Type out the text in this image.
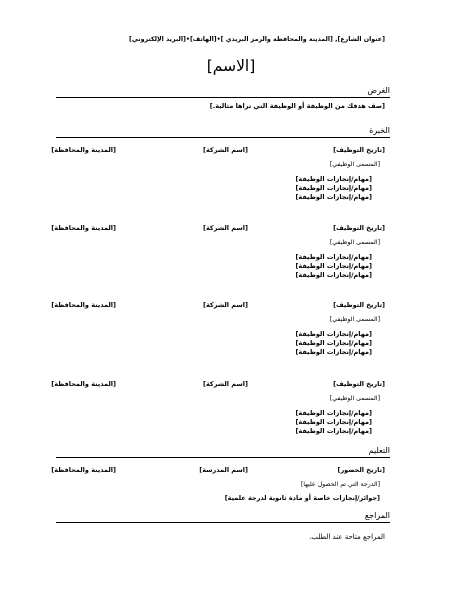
[عنوان الشارع], [المدينة والمحافظة والرمز البريدي ]•[الهاتف]•[البريد الإلكتروني]
[الاسم]
الغرض
[صف هدفك من الوظيفة أو الوظيفة التي تراها مثالية.]
الخبرة
[تاريخ التوظيف]
[اسم الشركة]
[المدينة والمحافظة]
[المسمى الوظيفي]
[مهام/إنجازات الوظيفة]
[مهام/إنجازات الوظيفة]
[مهام/إنجازات الوظيفة]
[تاريخ التوظيف]
[اسم الشركة]
[المدينة والمحافظة]
[المسمى الوظيفي]
[مهام/إنجازات الوظيفة]
[مهام/إنجازات الوظيفة]
[مهام/إنجازات الوظيفة]
[تاريخ التوظيف]
[اسم الشركة]
[المدينة والمحافظة]
[المسمى الوظيفي]
[مهام/إنجازات الوظيفة]
[مهام/إنجازات الوظيفة]
[مهام/إنجازات الوظيفة]
[تاريخ التوظيف]
[اسم الشركة]
[المدينة والمحافظة]
[المسمى الوظيفي]
[مهام/إنجازات الوظيفة]
[مهام/إنجازات الوظيفة]
[مهام/إنجازات الوظيفة]
التعليم
[تاريخ الحضور]
[اسم المدرسة]
[المدينة والمحافظة]
[الدرجة التي تم الحصول عليها]
[جوائز/إنجازات خاصة أو مادة ثانوية لدرجة علمية]
المراجع
المراجع متاحة عند الطلب.
